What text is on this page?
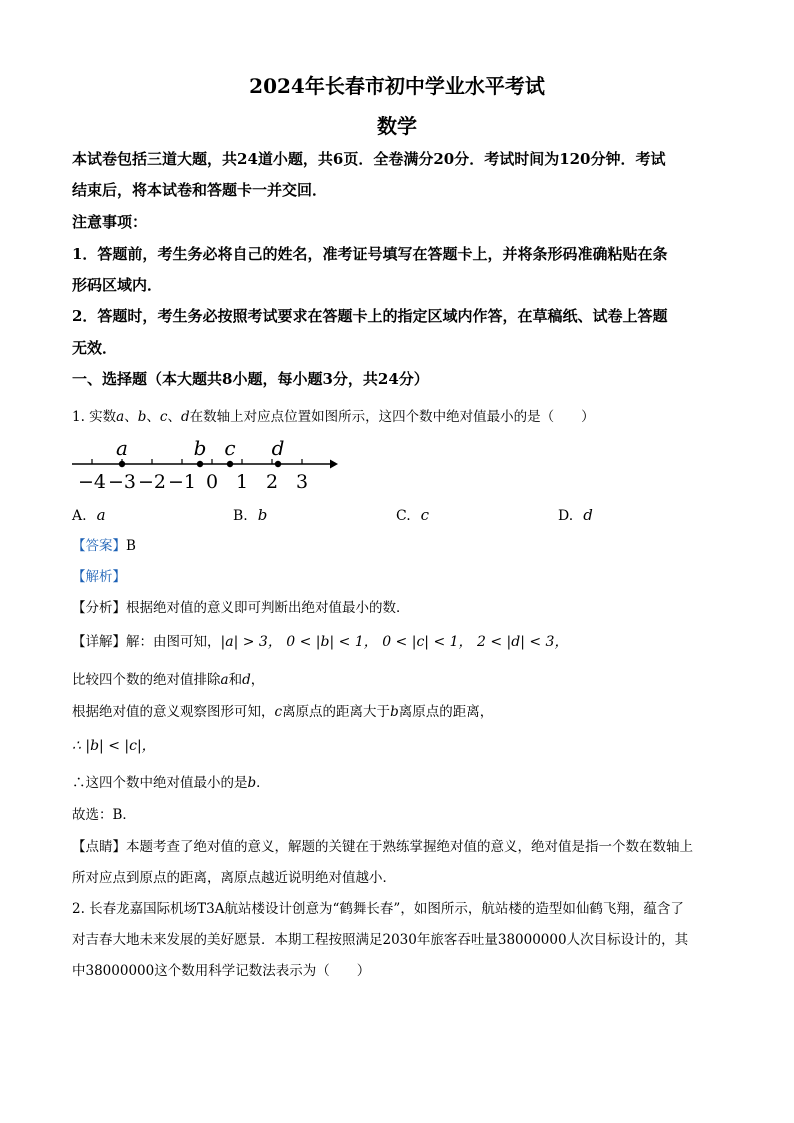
2024年长春市初中学业水平考试
数学
本试卷包括三道大题，共24道小题，共6页．全卷满分20分．考试时间为120分钟．考试
结束后，将本试卷和答题卡一并交回．
注意事项：
1．答题前，考生务必将自己的姓名，准考证号填写在答题卡上，并将条形码准确粘贴在条
形码区域内．
2．答题时，考生务必按照考试要求在答题卡上的指定区域内作答，在草稿纸、试卷上答题
无效．
一、选择题（本大题共8小题，每小题3分，共24分）
1. 实数a、b、c、d在数轴上对应点位置如图所示，这四个数中绝对值最小的是（　　）
−4 −3 −2 −1 0 1 2 3
a	b c d
A. a	B. b	C. c	D. d
【答案】B
【解析】
【分析】根据绝对值的意义即可判断出绝对值最小的数．
【详解】解：由图可知，|a| > 3， 0 < |b| < 1， 0 < |c| < 1， 2 < |d| < 3，
比较四个数的绝对值排除a和d，
根据绝对值的意义观察图形可知，c离原点的距离大于b离原点的距离，
∴ |b| < |c|，
∴这四个数中绝对值最小的是b．
故选：B．
【点睛】本题考查了绝对值的意义，解题的关键在于熟练掌握绝对值的意义，绝对值是指一个数在数轴上
所对应点到原点的距离，离原点越近说明绝对值越小．
2. 长春龙嘉国际机场T3A航站楼设计创意为“鹤舞长春”，如图所示，航站楼的造型如仙鹤飞翔，蕴含了
对吉春大地未来发展的美好愿景．本期工程按照满足2030年旅客吞吐量38000000人次目标设计的，其
中38000000这个数用科学记数法表示为（　　）
